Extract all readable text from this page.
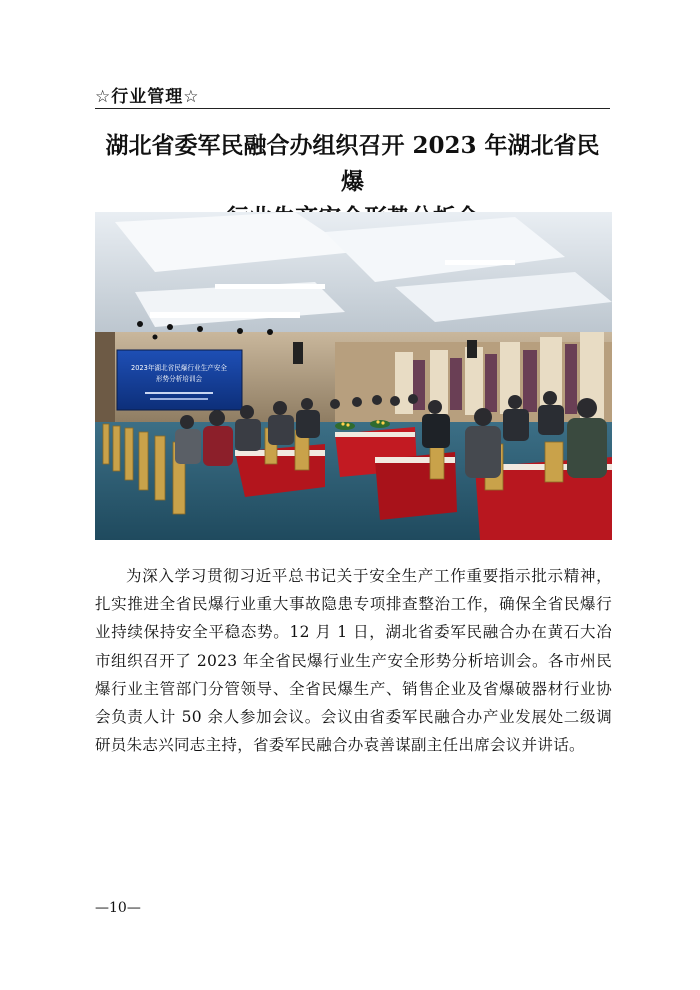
☆行业管理☆
湖北省委军民融合办组织召开 2023 年湖北省民爆
2023年湖北省民爆行业生产安全
形势分析培训会
为深入学习贯彻习近平总书记关于安全生产工作重要指示批示精神，扎实推进全省民爆行业重大事故隐患专项排查整治工作，确保全省民爆行业持续保持安全平稳态势。12 月 1 日，湖北省委军民融合办在黄石大冶市组织召开了 2023 年全省民爆行业生产安全形势分析培训会。各市州民爆行业主管部门分管领导、全省民爆生产、销售企业及省爆破器材行业协会负责人计 50 余人参加会议。会议由省委军民融合办产业发展处二级调研员朱志兴同志主持，省委军民融合办袁善谋副主任出席会议并讲话。
—10—
